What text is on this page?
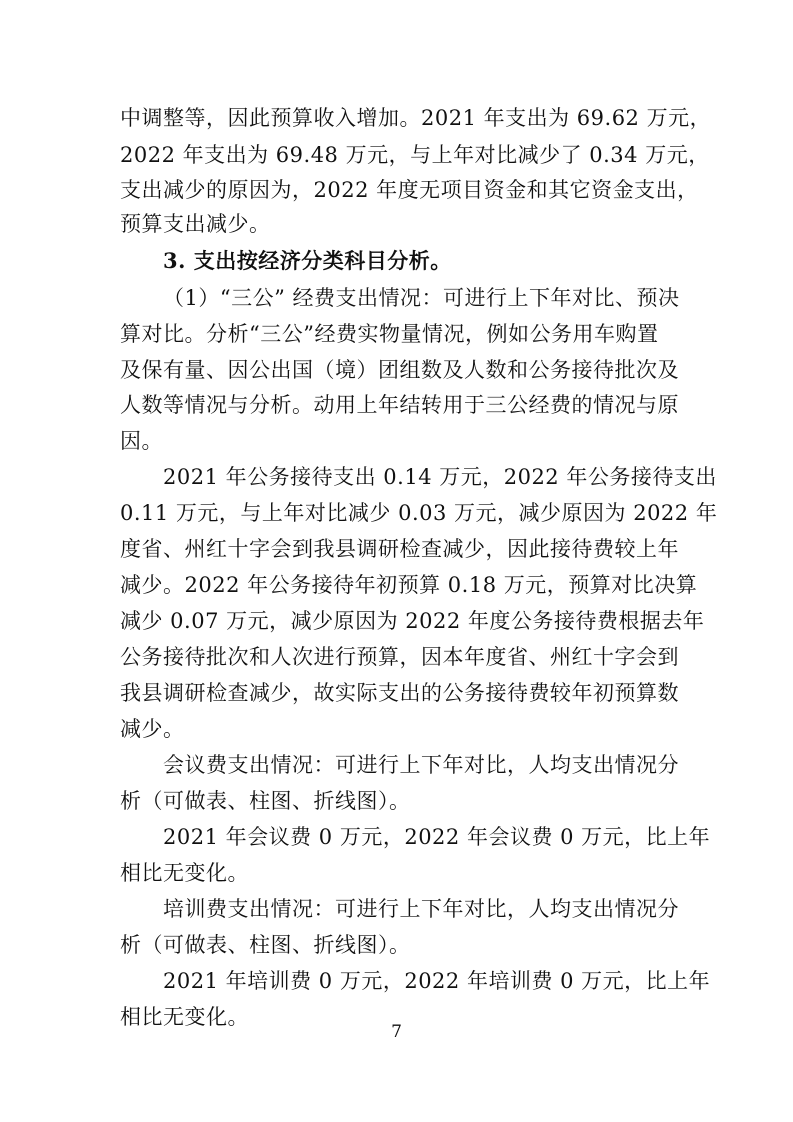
中调整等，因此预算收入增加。2021 年支出为 69.62 万元，

2022 年支出为 69.48 万元，与上年对比减少了 0.34 万元，

支出减少的原因为，2022 年度无项目资金和其它资金支出，

预算支出减少。

3. 支出按经济分类科目分析。

（1）“三公” 经费支出情况：可进行上下年对比、预决

算对比。分析“三公”经费实物量情况，例如公务用车购置

及保有量、因公出国（境）团组数及人数和公务接待批次及

人数等情况与分析。动用上年结转用于三公经费的情况与原

因。

2021 年公务接待支出 0.14 万元，2022 年公务接待支出

0.11 万元，与上年对比减少 0.03 万元，减少原因为 2022 年

度省、州红十字会到我县调研检查减少，因此接待费较上年

减少。2022 年公务接待年初预算 0.18 万元，预算对比决算

减少 0.07 万元，减少原因为 2022 年度公务接待费根据去年

公务接待批次和人次进行预算，因本年度省、州红十字会到

我县调研检查减少，故实际支出的公务接待费较年初预算数

减少。

会议费支出情况：可进行上下年对比，人均支出情况分

析（可做表、柱图、折线图）。

2021 年会议费 0 万元，2022 年会议费 0 万元，比上年

相比无变化。

培训费支出情况：可进行上下年对比，人均支出情况分

析（可做表、柱图、折线图）。

2021 年培训费 0 万元，2022 年培训费 0 万元，比上年

相比无变化。

7
